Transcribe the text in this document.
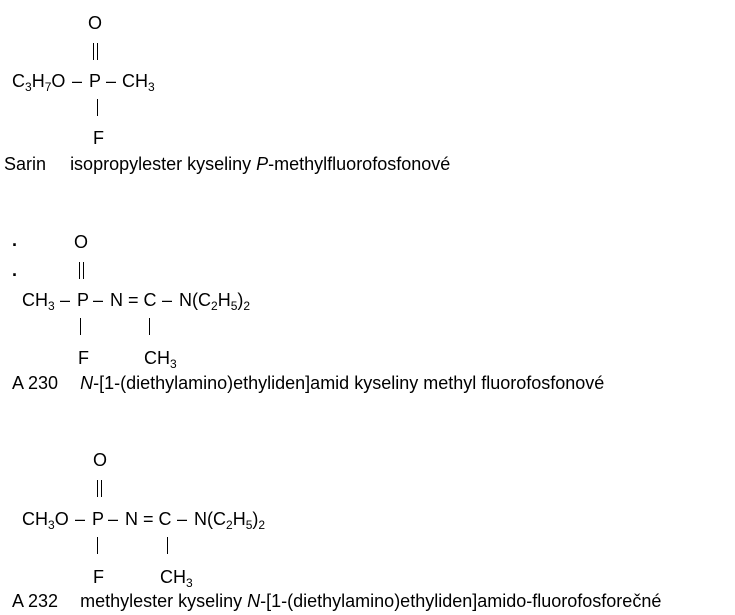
O
$C_3H_7O$ – P – $CH_3$
F
Sarin isopropylester kyseliny P-methylfluorofosfonové
.
.
O
$CH_3 - P - N = C - N(C_2H_5)_2$
F	$CH_3$
A 230 N-[1-(diethylamino)ethyliden]amid kyseliny methyl fluorofosfonové
O
$CH_3O - P - N = C - N(C_2H_5)_2$
F	$CH_3$
A 232 methylester kyseliny N-[1-(diethylamino)ethyliden]amido-fluorofosforečné
